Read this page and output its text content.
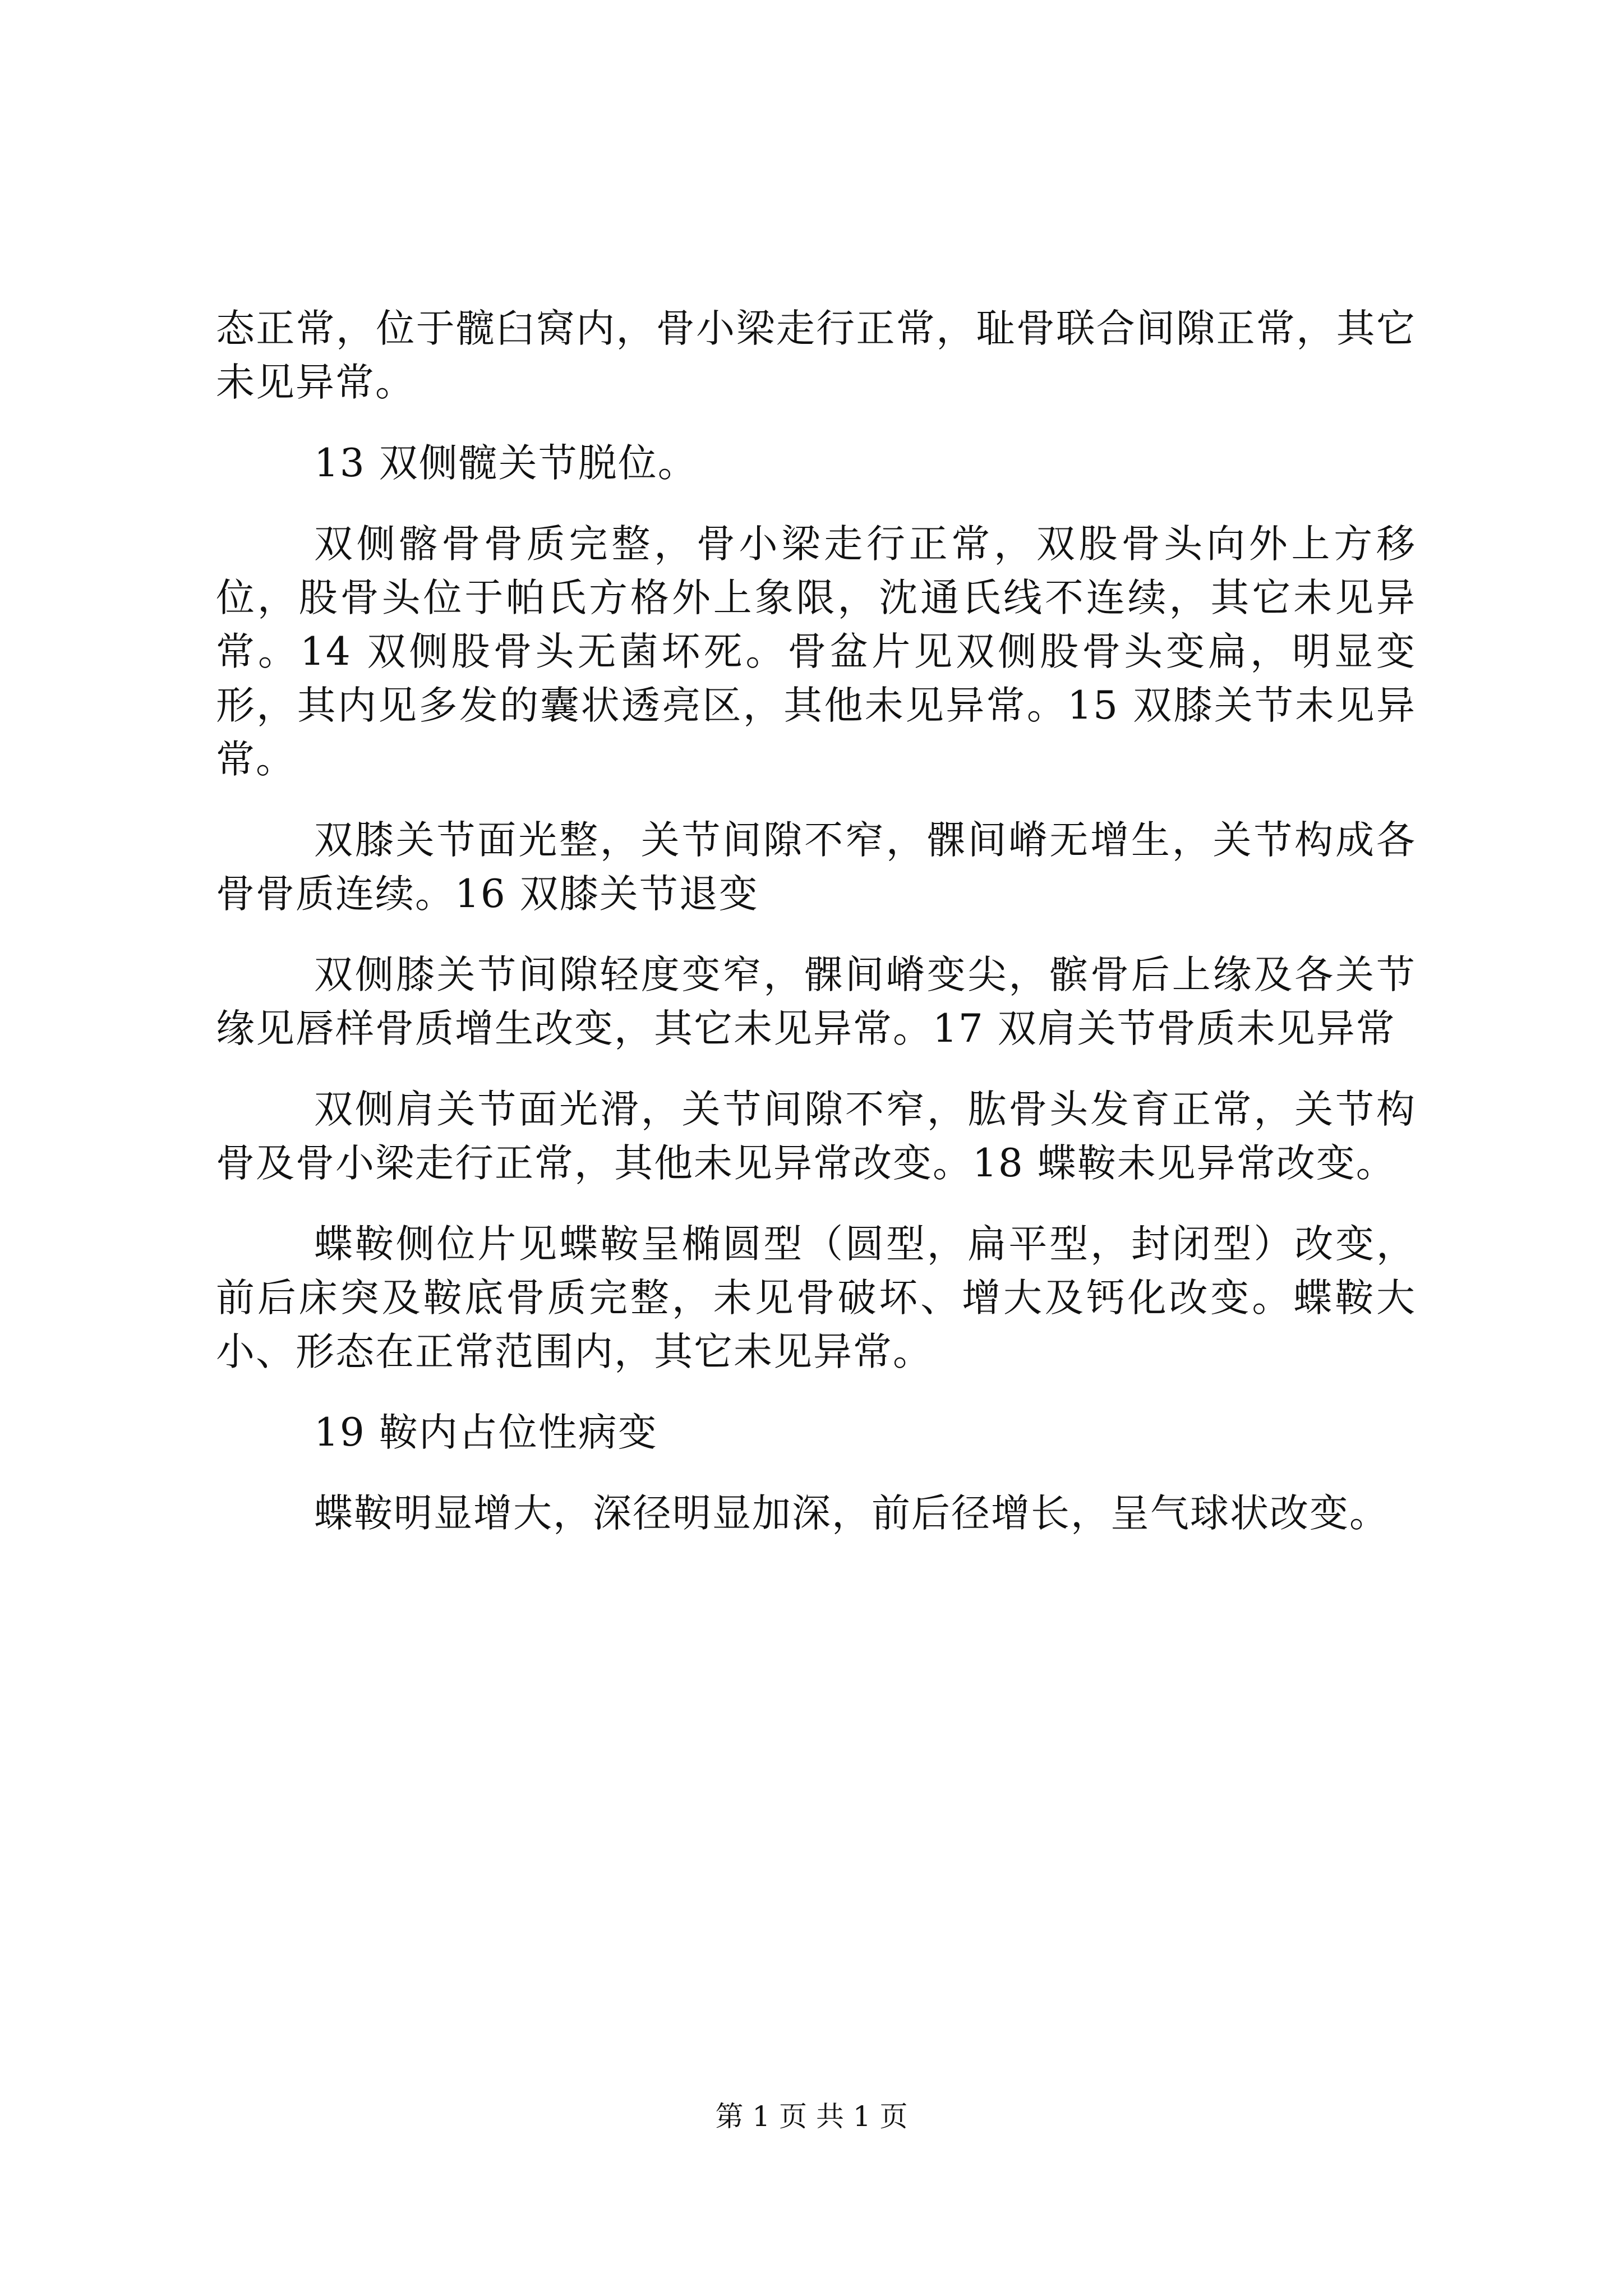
态正常，位于髋臼窝内，骨小梁走行正常，耻骨联合间隙正常，其它未见异常。

13 双侧髋关节脱位。

双侧髂骨骨质完整，骨小梁走行正常，双股骨头向外上方移位，股骨头位于帕氏方格外上象限，沈通氏线不连续，其它未见异常。14 双侧股骨头无菌坏死。骨盆片见双侧股骨头变扁，明显变形，其内见多发的囊状透亮区，其他未见异常。15 双膝关节未见异常。

双膝关节面光整，关节间隙不窄，髁间嵴无增生，关节构成各骨骨质连续。16 双膝关节退变

双侧膝关节间隙轻度变窄，髁间嵴变尖，髌骨后上缘及各关节缘见唇样骨质增生改变，其它未见异常。17 双肩关节骨质未见异常

双侧肩关节面光滑，关节间隙不窄，肱骨头发育正常，关节构骨及骨小梁走行正常，其他未见异常改变。18 蝶鞍未见异常改变。

蝶鞍侧位片见蝶鞍呈椭圆型（圆型，扁平型，封闭型）改变，前后床突及鞍底骨质完整，未见骨破坏、增大及钙化改变。蝶鞍大小、形态在正常范围内，其它未见异常。

19 鞍内占位性病变

蝶鞍明显增大，深径明显加深，前后径增长，呈气球状改变。

第 1 页 共 1 页
